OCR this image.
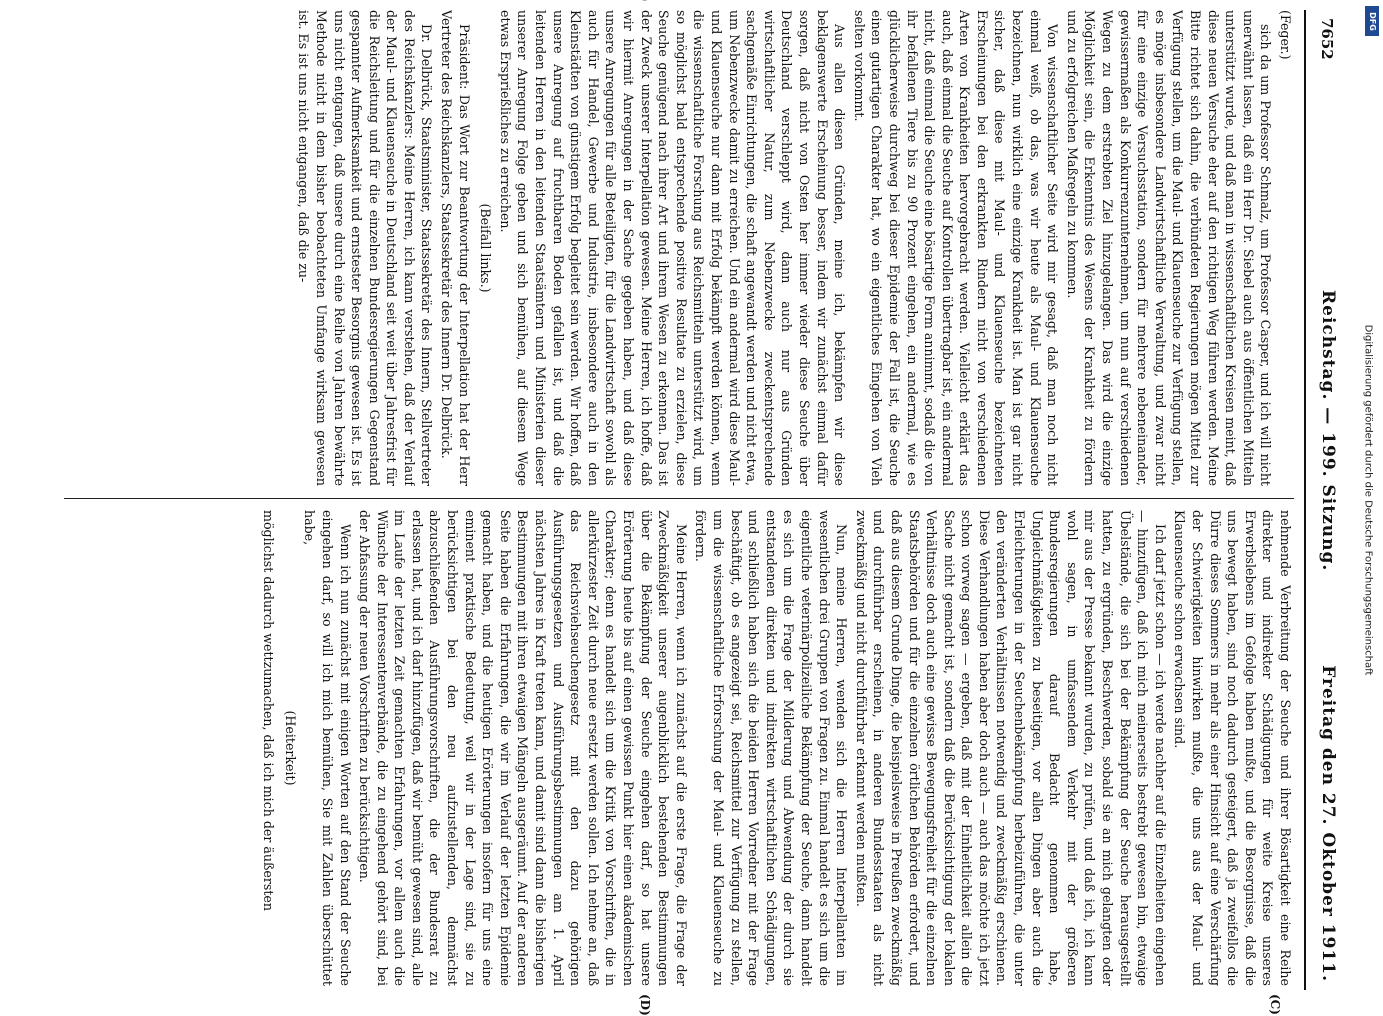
7652
Reichstag. — 199. Sitzung.
Freitag den 27. Oktober 1911.

(Feger.)

sich da um Professor Schmalz, um Professor Casper, und ich will nicht unerwähnt lassen, daß ein Herr Dr. Siebel auch aus öffentlichen Mitteln unterstützt wurde, und daß man in wissenschaftlichen Kreisen meint, daß diese neuen Versuche eher auf den richtigen Weg führen werden. Meine Bitte richtet sich dahin, die verbündeten Regierungen mögen Mittel zur Verfügung stellen, um die Maul- und Klauenseuche zur Verfügung stellen, es möge insbesondere Landwirtschaftliche Verwaltung, und zwar nicht für eine einzige Versuchsstation, sondern für mehrere nebeneinander, gewissermaßen als Konkurrenzunternehmen, um nun auf verschiedenen Wegen zu dem erstrebten Ziel hinzugelangen. Das wird die einzige Möglichkeit sein, die Erkenntnis des Wesens der Krankheit zu fördern und zu erfolgreichen Maßregeln zu kommen.

Von wissenschaftlicher Seite wird mir gesagt, daß man noch nicht einmal weiß, ob das, was wir heute als Maul- und Klauenseuche bezeichnen, nun wirklich eine einzige Krankheit ist. Man ist gar nicht sicher, daß diese mit Maul- und Klauenseuche bezeichneten Erscheinungen bei den erkrankten Rindern nicht von verschiedenen Arten von Krankheiten hervorgebracht werden. Vielleicht erklärt das auch, daß einmal die Seuche auf Kontrollen übertragbar ist, ein andermal nicht, daß einmal die Seuche eine bösartige Form annimmt, sodaß die von ihr befallenen Tiere bis zu 90 Prozent eingehen, ein andermal, wie es glücklicherweise durchweg bei dieser Epidemie der Fall ist, die Seuche einen gutartigen Charakter hat, wo ein eigentliches Eingehen von Vieh selten vorkommt.

Aus allen diesen Gründen, meine ich, bekämpfen wir diese beklagenswerte Erscheinung besser, indem wir zunächst einmal dafür sorgen, daß nicht von Osten her immer wieder diese Seuche über Deutschland verschleppt wird, dann auch nur aus Gründen wirtschaftlicher Natur, zum Nebenzwecke zweckentsprechende sachgemäße Einrichtungen, die schaft angewandt werden und nicht etwa, um Nebenzwecke damit zu erreichen. Und ein andermal wird diese Maul- und Klauenseuche nur dann mit Erfolg bekämpft werden können, wenn die wissenschaftliche Forschung aus Reichsmitteln unterstützt wird, um so möglichst bald entsprechende positive Resultate zu erzielen, diese Seuche genügend nach ihrer Art und ihrem Wesen zu erkennen. Das ist der Zweck unserer Interpellation gewesen. Meine Herren, ich hoffe, daß wir hiermit Anregungen in der Sache gegeben haben, und daß diese unsere Anregungen für alle Beteiligten, für die Landwirtschaft sowohl als auch für Handel, Gewerbe und Industrie, insbesondere auch in den Kleinstädten von günstigem Erfolg begleitet sein werden. Wir hoffen, daß unsere Anregung auf fruchtbaren Boden gefallen ist, und daß die leitenden Herren in den leitenden Staatsämtern und Ministerien dieser unserer Anregung Folge geben und sich bemühen, auf diesem Wege etwas Ersprießliches zu erreichen.

(Beifall links.)

Präsident: Das Wort zur Beantwortung der Interpellation hat der Herr Vertreter des Reichskanzlers, Staatssekretär des Innern Dr. Delbrück.

Dr. Delbrück, Staatsminister, Staatssekretär des Innern, Stellvertreter des Reichskanzlers: Meine Herren, ich kann verstehen, daß der Verlauf der Maul- und Klauenseuche in Deutschland seit weit über Jahresfrist für die Reichsleitung und für die einzelnen Bundesregierungen Gegenstand gespannter Aufmerksamkeit und ernstester Besorgnis gewesen ist. Es ist uns nicht entgangen, daß unsere durch eine Reihe von Jahren bewährte Methode nicht in dem bisher beobachteten Umfange wirksam gewesen ist. Es ist uns nicht entgangen, daß die zu-

nehmende Verbreitung der Seuche und ihrer Bösartigkeit eine Reihe direkter und indirekter Schädigungen für weite Kreise unseres Erwerbslebens im Gefolge haben mußte, und die Besorgnisse, daß die uns bewegt haben, sind noch dadurch gesteigert, daß ja zweifellos die Dürre dieses Sommers in mehr als einer Hinsicht auf eine Verschärfung der Schwierigkeiten hinwirken mußte, die uns aus der Maul- und Klauenseuche schon erwachsen sind.

Ich darf jetzt schon — ich werde nachher auf die Einzelheiten eingehen — hinzufügen, daß ich mich meinerseits bestrebt gewesen bin, etwaige Übelstände, die sich bei der Bekämpfung der Seuche herausgestellt hatten, zu ergründen, Beschwerden, sobald sie an mich gelangten oder mir aus der Presse bekannt wurden, zu prüfen, und daß ich, ich kann wohl sagen, in umfassendem Verkehr mit der größeren Bundesregierungen darauf Bedacht genommen habe, Ungleichmäßigkeiten zu beseitigen, vor allen Dingen aber auch die Erleichterungen in der Seuchenbekämpfung herbeizuführen, die unter den veränderten Verhältnissen notwendig und zweckmäßig erschienen. Diese Verhandlungen haben aber doch auch — auch das möchte ich jetzt schon vorweg sagen — ergeben, daß mit der Einheitlichkeit allein die Sache nicht gemacht ist, sondern daß die Berücksichtigung der lokalen Verhältnisse doch auch eine gewisse Bewegungsfreiheit für die einzelnen Staatsbehörden und für die einzelnen örtlichen Behörden erfordert, und daß aus diesem Grunde Dinge, die beispielsweise in Preußen zweckmäßig und durchführbar erscheinen, in anderen Bundesstaaten als nicht zweckmäßig und nicht durchführbar erkannt werden mußten.

Nun, meine Herren, wenden sich die Herren Interpellanten im wesentlichen drei Gruppen von Fragen zu. Einmal handelt es sich um die eigentliche veterinärpolizeiliche Bekämpfung der Seuche, dann handelt es sich um die Frage der Milderung und Abwendung der durch sie entstandenen direkten und indirekten wirtschaftlichen Schädigungen, und schließlich haben sich die beiden Herren Vorredner mit der Frage beschäftigt, ob es angezeigt sei, Reichsmittel zur Verfügung zu stellen, um die wissenschaftliche Erforschung der Maul- und Klauenseuche zu fördern.

Meine Herren, wenn ich zunächst auf die erste Frage, die Frage der Zweckmäßigkeit unserer augenblicklich bestehenden Bestimmungen über die Bekämpfung der Seuche eingehen darf, so hat unsere Erörterung heute bis auf einen gewissen Punkt hier einen akademischen Charakter; denn es handelt sich um die Kritik von Vorschriften, die in allerkürzester Zeit durch neue ersetzt werden sollen. Ich nehme an, daß das Reichsviehseuchengesetz mit den dazu gehörigen Ausführungsgesetzen und Ausführungsbestimmungen am 1. April nächsten Jahres in Kraft treten kann, und damit sind dann die bisherigen Bestimmungen mit ihren etwaigen Mängeln ausgeräumt. Auf der anderen Seite haben die Erfahrungen, die wir im Verlauf der letzten Epidemie gemacht haben, und die heutigen Erörterungen insofern für uns eine eminent praktische Bedeutung, weil wir in der Lage sind, sie zu berücksichtigen bei den neu aufzustellenden, demnächst abzuschließenden Ausführungsvorschriften, die der Bundesrat zu erlassen hat, und ich darf hinzufügen, daß wir bemüht gewesen sind, alle im Laufe der letzten Zeit gemachten Erfahrungen, vor allem auch die Wünsche der Interessentenverbände, die zu eingehend gehört sind, bei der Abfassung der neuen Vorschriften zu berücksichtigen.

Wenn ich nun zunächst mit einigen Worten auf den Stand der Seuche eingehen darf, so will ich mich bemühen, Sie mit Zahlen überschüttet habe,

(Heiterkeit)

möglichst dadurch wettzumachen, daß ich mich der äußersten

(C)
(D)
Digitalisierung gefördert durch die Deutsche Forschungsgemeinschaft
DFG
